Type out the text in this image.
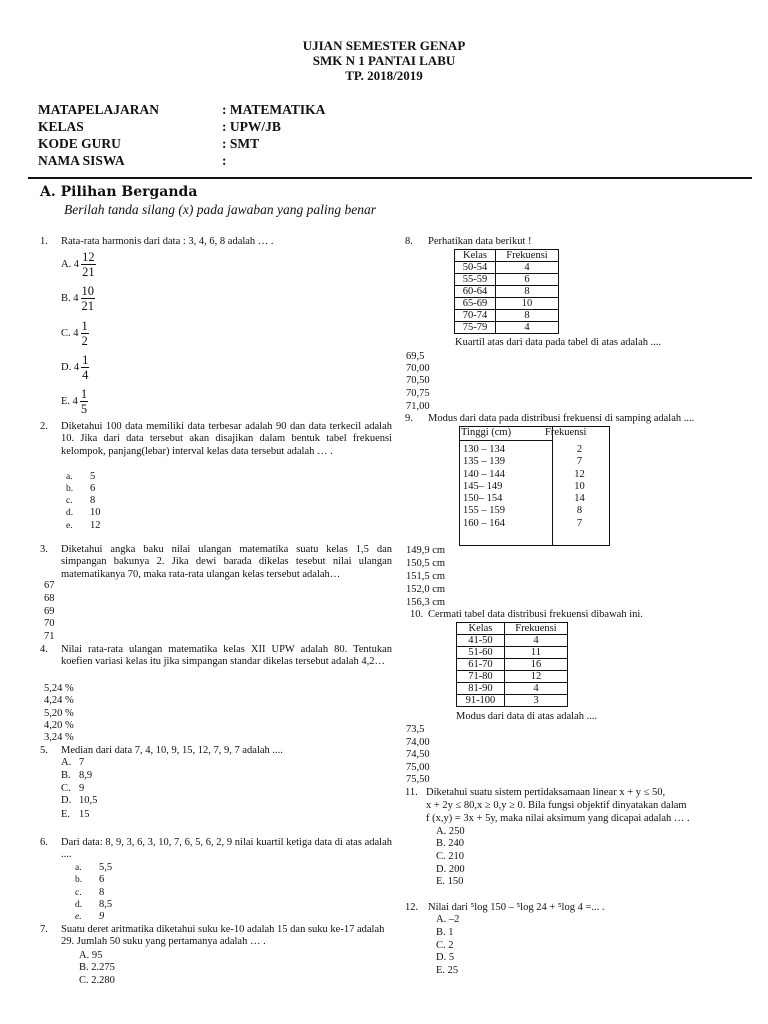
UJIAN SEMESTER GENAP
SMK N 1 PANTAI LABU
TP. 2018/2019
MATAPELAJARAN	: MATEMATIKA
KELAS	: UPW/JB
KODE GURU	: SMT
NAMA SISWA	:
A. Pilihan Berganda
Berilah tanda silang (x) pada jawaban yang paling benar
1. Rata-rata harmonis dari data : 3, 4, 6, 8 adalah … .
A. $4 \frac{12}{21}$
B. $4 \frac{10}{21}$
C. $4 \frac{1}{2}$
D. $4 \frac{1}{4}$
E. $4 \frac{1}{5}$
2. Diketahui 100 data memiliki data terbesar adalah 90 dan data terkecil adalah 10. Jika dari data tersebut akan disajikan dalam bentuk tabel frekuensi kelompok, panjang(lebar) interval kelas data tersebut adalah … .
a. 5
b. 6
c. 8
d. 10
e. 12
3. Diketahui angka baku nilai ulangan matematika suatu kelas 1,5 dan simpangan bakunya 2. Jika dewi barada dikelas tesebut nilai ulangan matematikanya 70, maka rata-rata ulangan kelas tersebut adalah…
67
68
69
70
71
4. Nilai rata-rata ulangan matematika kelas XII UPW adalah 80. Tentukan koefien variasi kelas itu jika simpangan standar dikelas tersebut adalah 4,2…
5,24 %
4,24 %
5,20 %
4,20 %
3,24 %
5. Median dari data 7, 4, 10, 9, 15, 12, 7, 9, 7 adalah ....
A. 7
B. 8,9
C. 9
D. 10,5
E. 15
6. Dari data: 8, 9, 3, 6, 3, 10, 7, 6, 5, 6, 2, 9 nilai kuartil ketiga data di atas adalah ....
a. 5,5
b. 6
c. 8
d. 8,5
e. 9
7. Suatu deret aritmatika diketahui suku ke-10 adalah 15 dan suku ke-17 adalah 29. Jumlah 50 suku yang pertamanya adalah … .
A. 95
B. 2.275
C. 2.280
8. Perhatikan data berikut !
Kelas	Frekuensi
50-54	4
55-59	6
60-64	8
65-69	10
70-74	8
75-79	4
Kuartil atas dari data pada tabel di atas adalah ....
69,5
70,00
70,50
70,75
71,00
9. Modus dari data pada distribusi frekuensi di samping adalah ....
Tinggi (cm)	Frekuensi
130 – 134	2
135 – 139	7
140 – 144	12
145– 149	10
150– 154	14
155 – 159	8
160 – 164	7
149,9 cm
150,5 cm
151,5 cm
152,0 cm
156,3 cm
10. Cermati tabel data distribusi frekuensi dibawah ini.
Kelas	Frekuensi
41-50	4
51-60	11
61-70	16
71-80	12
81-90	4
91-100	3
Modus dari data di atas adalah ....
73,5
74,00
74,50
75,00
75,50
11. Diketahui suatu sistem pertidaksamaan linear x + y ≤ 50,
x + 2y ≤ 80,x ≥ 0,y ≥ 0. Bila fungsi objektif dinyatakan dalam
f (x,y) = 3x + 5y, maka nilai aksimum yang dicapai adalah … .
A. 250
B. 240
C. 210
D. 200
E. 150
12. Nilai dari ⁵log 150 – ⁵log 24 + ⁵log 4 =... .
A. –2
B. 1
C. 2
D. 5
E. 25
